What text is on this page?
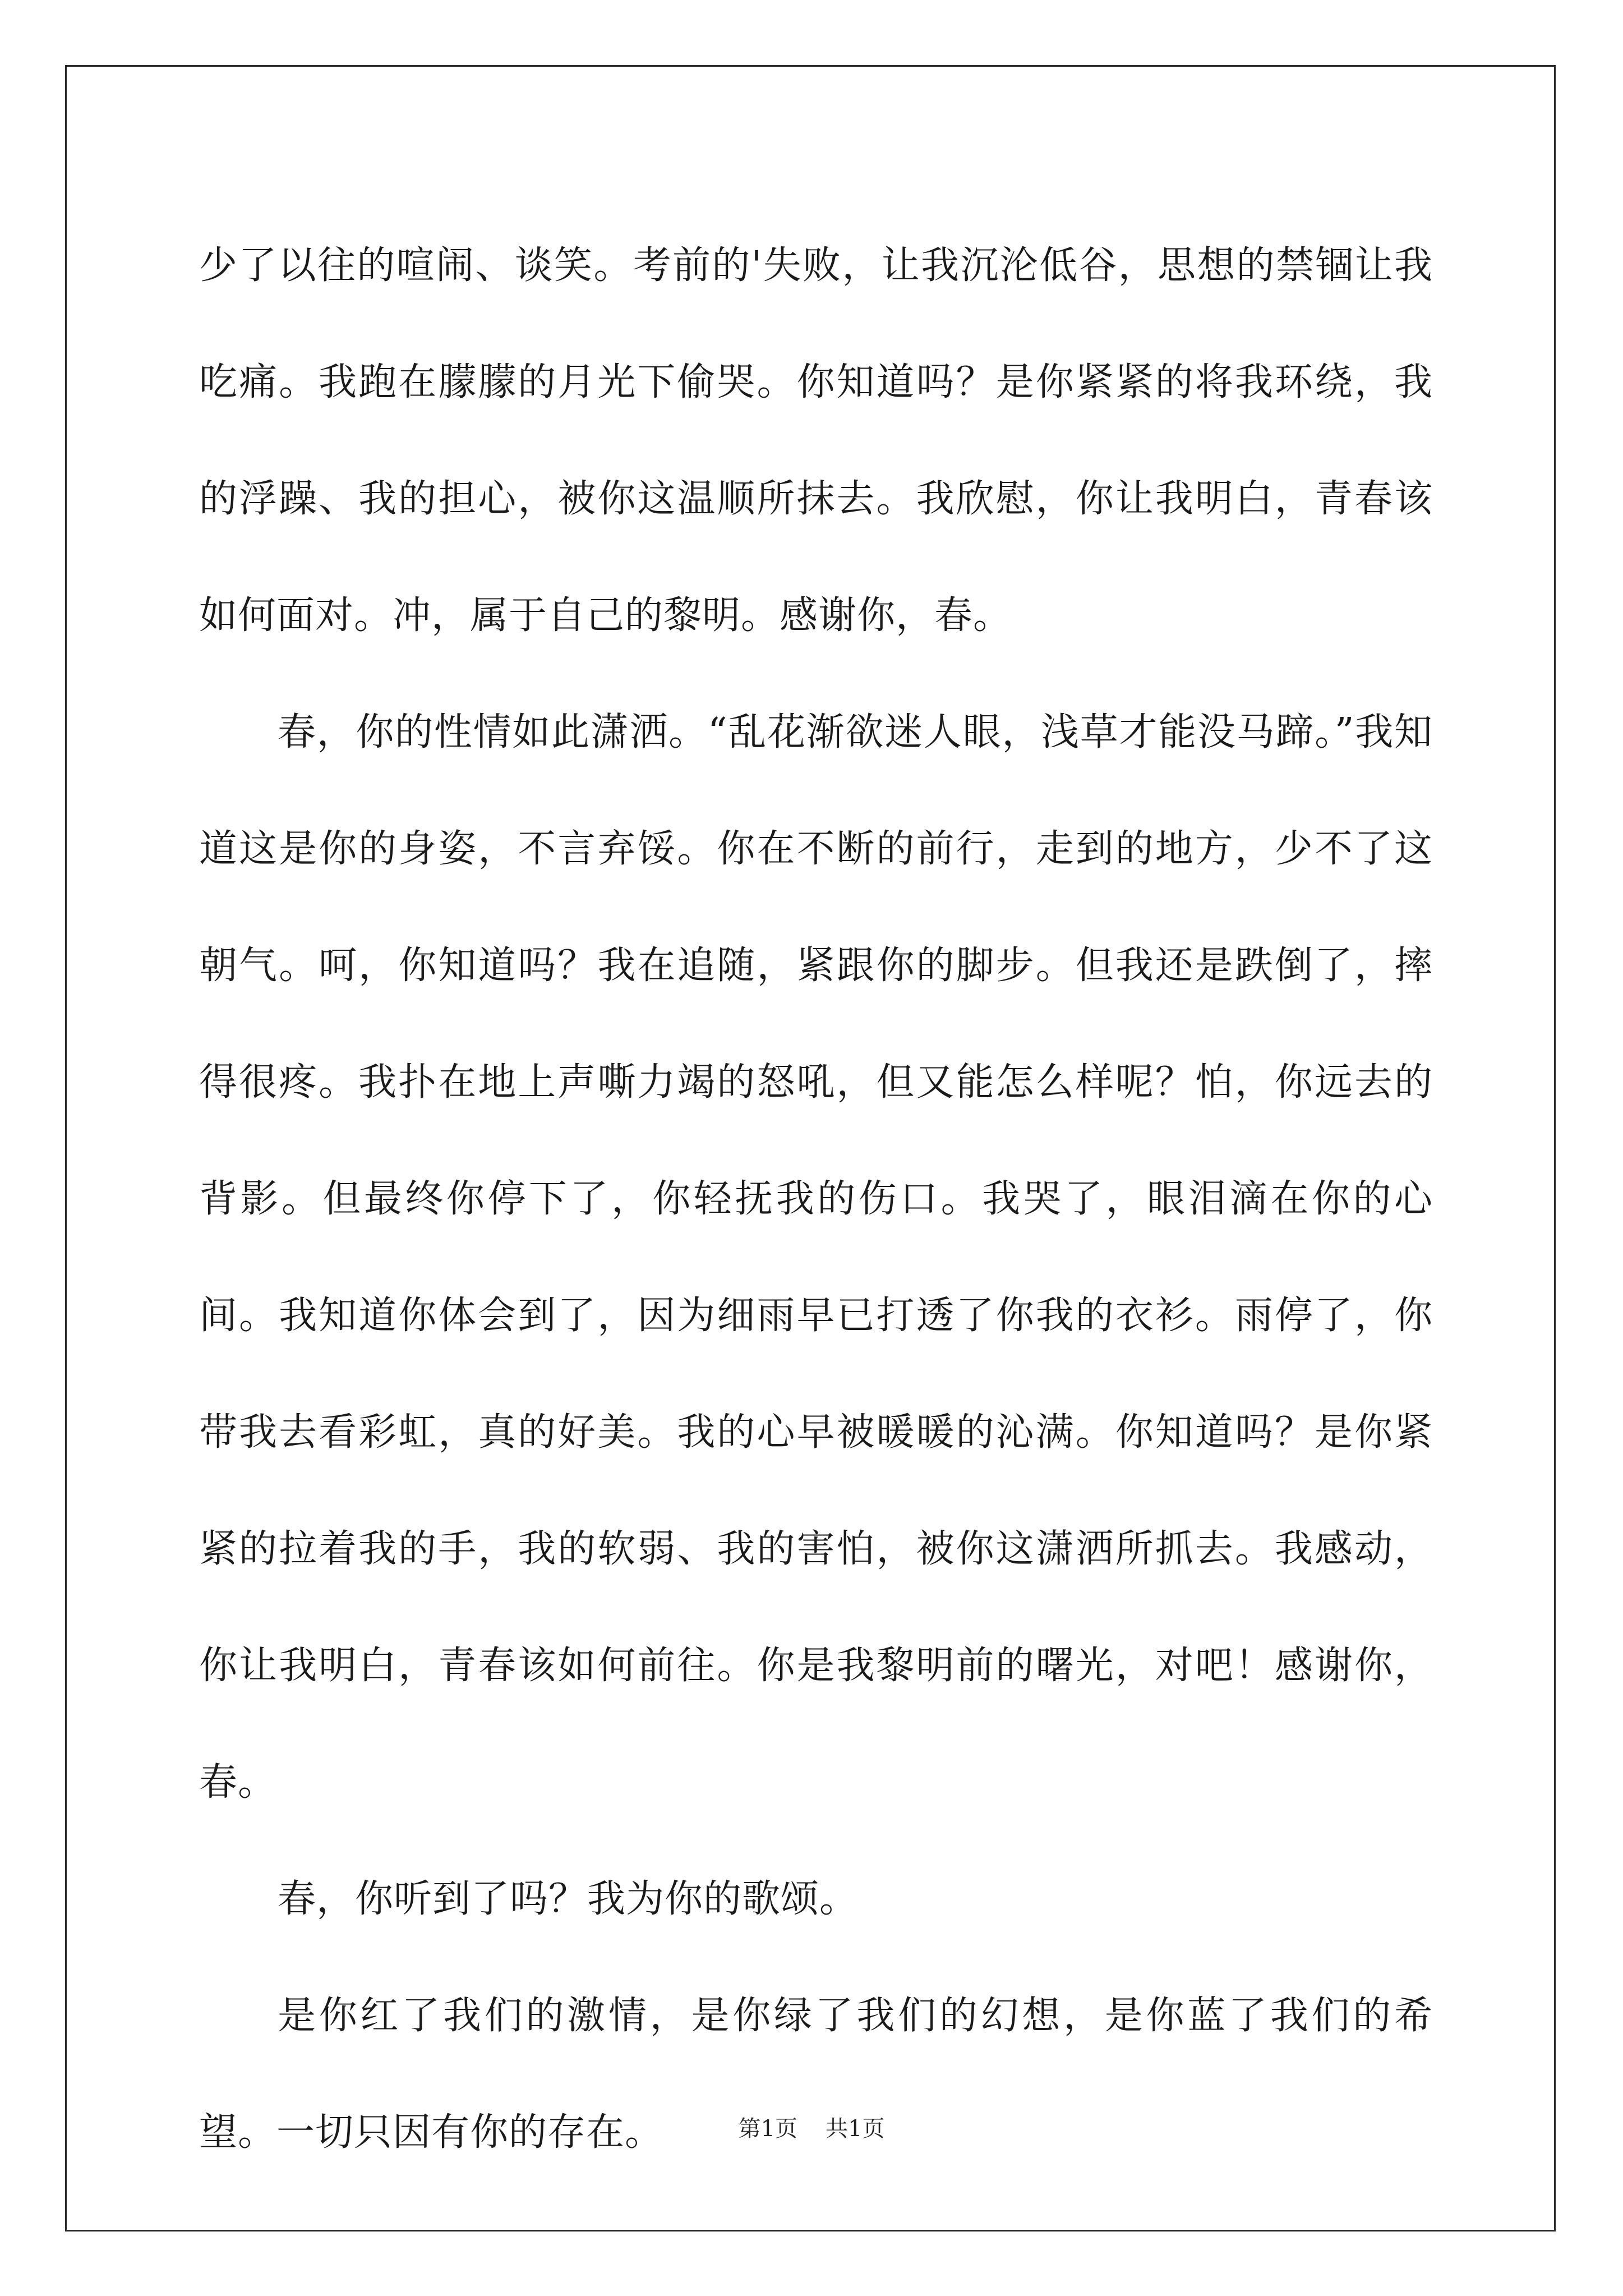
少了以往的喧闹、谈笑。考前的'失败，让我沉沦低谷，思想的禁锢让我吃痛。我跑在朦朦的月光下偷哭。你知道吗？是你紧紧的将我环绕，我的浮躁、我的担心，被你这温顺所抹去。我欣慰，你让我明白，青春该如何面对。冲，属于自己的黎明。感谢你，春。

春，你的性情如此潇洒。“乱花渐欲迷人眼，浅草才能没马蹄。”我知道这是你的身姿，不言弃馁。你在不断的前行，走到的地方，少不了这朝气。呵，你知道吗？我在追随，紧跟你的脚步。但我还是跌倒了，摔得很疼。我扑在地上声嘶力竭的怒吼，但又能怎么样呢？怕，你远去的背影。但最终你停下了，你轻抚我的伤口。我哭了，眼泪滴在你的心间。我知道你体会到了，因为细雨早已打透了你我的衣衫。雨停了，你带我去看彩虹，真的好美。我的心早被暖暖的沁满。你知道吗？是你紧紧的拉着我的手，我的软弱、我的害怕，被你这潇洒所抓去。我感动，你让我明白，青春该如何前往。你是我黎明前的曙光，对吧！感谢你，春。

春，你听到了吗？我为你的歌颂。

是你红了我们的激情，是你绿了我们的幻想，是你蓝了我们的希望。一切只因有你的存在。	第1页 共1页
